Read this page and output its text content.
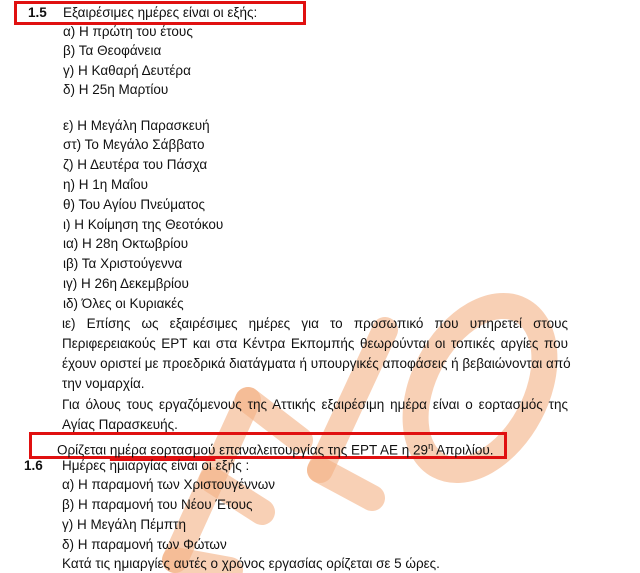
1.5 Εξαιρέσιμες ημέρες είναι οι εξής:
α) Η πρώτη του έτους
β) Τα Θεοφάνεια
γ) Η Καθαρή Δευτέρα
δ) Η 25η Μαρτίου
ε) Η Μεγάλη Παρασκευή
στ) Το Μεγάλο Σάββατο
ζ) Η Δευτέρα του Πάσχα
η) Η 1η Μαΐου
θ) Του Αγίου Πνεύματος
ι) Η Κοίμηση της Θεοτόκου
ια) Η 28η Οκτωβρίου
ιβ) Τα Χριστούγεννα
ιγ) Η 26η Δεκεμβρίου
ιδ) Όλες οι Κυριακές
ιε) Επίσης ως εξαιρέσιμες ημέρες για το προσωπικό που υπηρετεί στους
Περιφερειακούς ΕΡΤ και στα Κέντρα Εκπομπής θεωρούνται οι τοπικές αργίες που
έχουν οριστεί με προεδρικά διατάγματα ή υπουργικές αποφάσεις ή βεβαιώνονται από
την νομαρχία.
Για όλους τους εργαζόμενους της Αττικής εξαιρέσιμη ημέρα είναι ο εορτασμός της
Αγίας Παρασκευής.
Ορίζεται ημέρα εορτασμού επαναλειτουργίας της ΕΡΤ ΑΕ η $29^\eta$ Απριλίου.
1.6 Ημέρες ημιαργίας είναι οι εξής :
α) Η παραμονή των Χριστουγέννων
β) Η παραμονή του Νέου Έτους
γ) Η Μεγάλη Πέμπτη
δ) Η παραμονή των Φώτων
Κατά τις ημιαργίες αυτές ο χρόνος εργασίας ορίζεται σε 5 ώρες.
